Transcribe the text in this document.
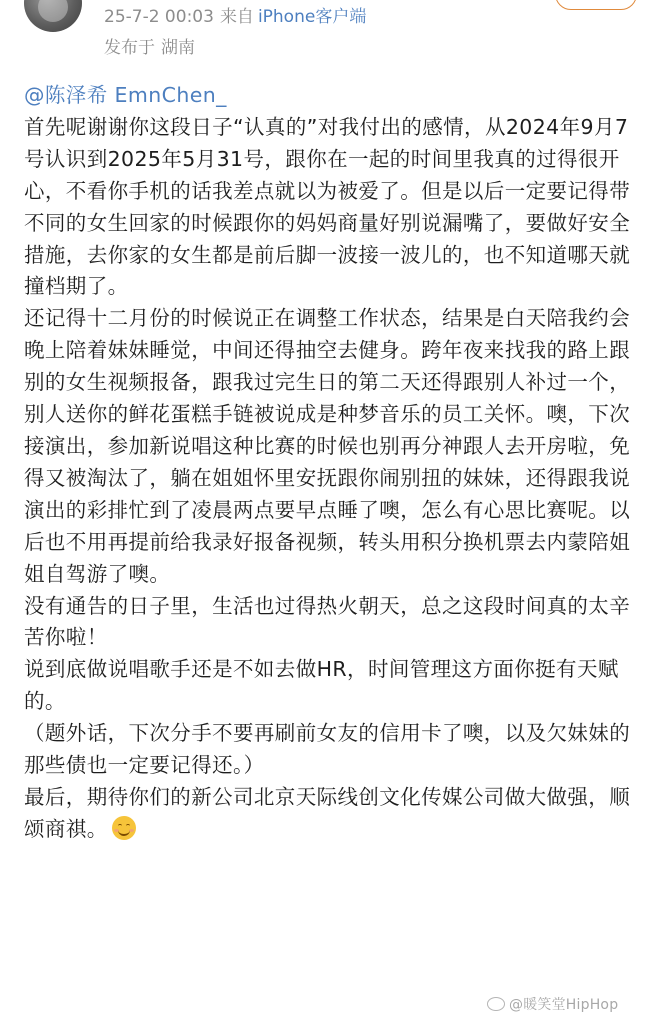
25-7-2 00:03 来自 iPhone客户端
发布于 湖南
@陈泽希 EmnChen_
首先呢谢谢你这段日子“认真的”对我付出的感情，从2024年9月7号认识到2025年5月31号，跟你在一起的时间里我真的过得很开心，不看你手机的话我差点就以为被爱了。但是以后一定要记得带不同的女生回家的时候跟你的妈妈商量好别说漏嘴了，要做好安全措施，去你家的女生都是前后脚一波接一波儿的，也不知道哪天就撞档期了。
还记得十二月份的时候说正在调整工作状态，结果是白天陪我约会晚上陪着妹妹睡觉，中间还得抽空去健身。跨年夜来找我的路上跟别的女生视频报备，跟我过完生日的第二天还得跟别人补过一个，别人送你的鲜花蛋糕手链被说成是种梦音乐的员工关怀。噢，下次接演出，参加新说唱这种比赛的时候也别再分神跟人去开房啦，免得又被淘汰了，躺在姐姐怀里安抚跟你闹别扭的妹妹，还得跟我说演出的彩排忙到了凌晨两点要早点睡了噢，怎么有心思比赛呢。以后也不用再提前给我录好报备视频，转头用积分换机票去内蒙陪姐姐自驾游了噢。
没有通告的日子里，生活也过得热火朝天，总之这段时间真的太辛苦你啦！
说到底做说唱歌手还是不如去做HR，时间管理这方面你挺有天赋的。
（题外话，下次分手不要再刷前女友的信用卡了噢，以及欠妹妹的那些债也一定要记得还。）
最后，期待你们的新公司北京天际线创文化传媒公司做大做强，顺颂商祺。
@暖笑堂HipHop
